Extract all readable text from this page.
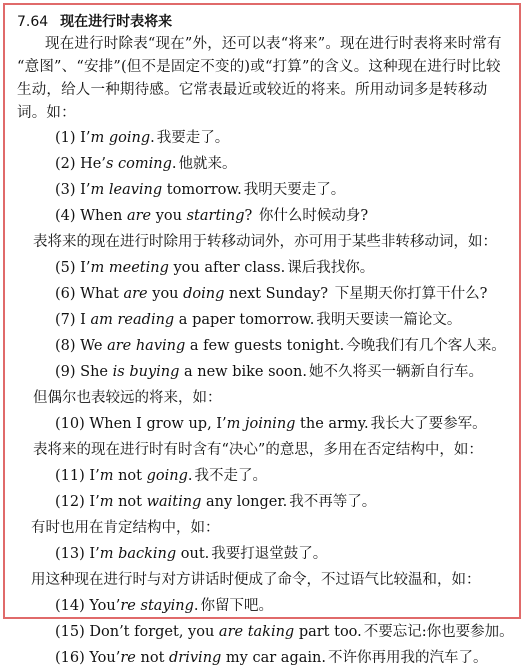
7.64 现在进行时表将来
现在进行时除表“现在”外，还可以表“将来”。现在进行时表将来时常有
“意图”、“安排”(但不是固定不变的)或“打算”的含义。这种现在进行时比较
生动，给人一种期待感。它常表最近或较近的将来。所用动词多是转移动
词。如：
(1) I’m going. 我要走了。
(2) He’s coming. 他就来。
(3) I’m leaving tomorrow. 我明天要走了。
(4) When are you starting? 你什么时候动身?
表将来的现在进行时除用于转移动词外，亦可用于某些非转移动词，如：
(5) I’m meeting you after class. 课后我找你。
(6) What are you doing next Sunday? 下星期天你打算干什么?
(7) I am reading a paper tomorrow. 我明天要读一篇论文。
(8) We are having a few guests tonight. 今晚我们有几个客人来。
(9) She is buying a new bike soon. 她不久将买一辆新自行车。
但偶尔也表较远的将来，如：
(10) When I grow up, I’m joining the army. 我长大了要参军。
表将来的现在进行时有时含有“决心”的意思，多用在否定结构中，如：
(11) I’m not going. 我不走了。
(12) I’m not waiting any longer. 我不再等了。
有时也用在肯定结构中，如：
(13) I’m backing out. 我要打退堂鼓了。
用这种现在进行时与对方讲话时便成了命令，不过语气比较温和，如：
(14) You’re staying. 你留下吧。
(15) Don’t forget, you are taking part too. 不要忘记:你也要参加。
(16) You’re not driving my car again. 不许你再用我的汽车了。
